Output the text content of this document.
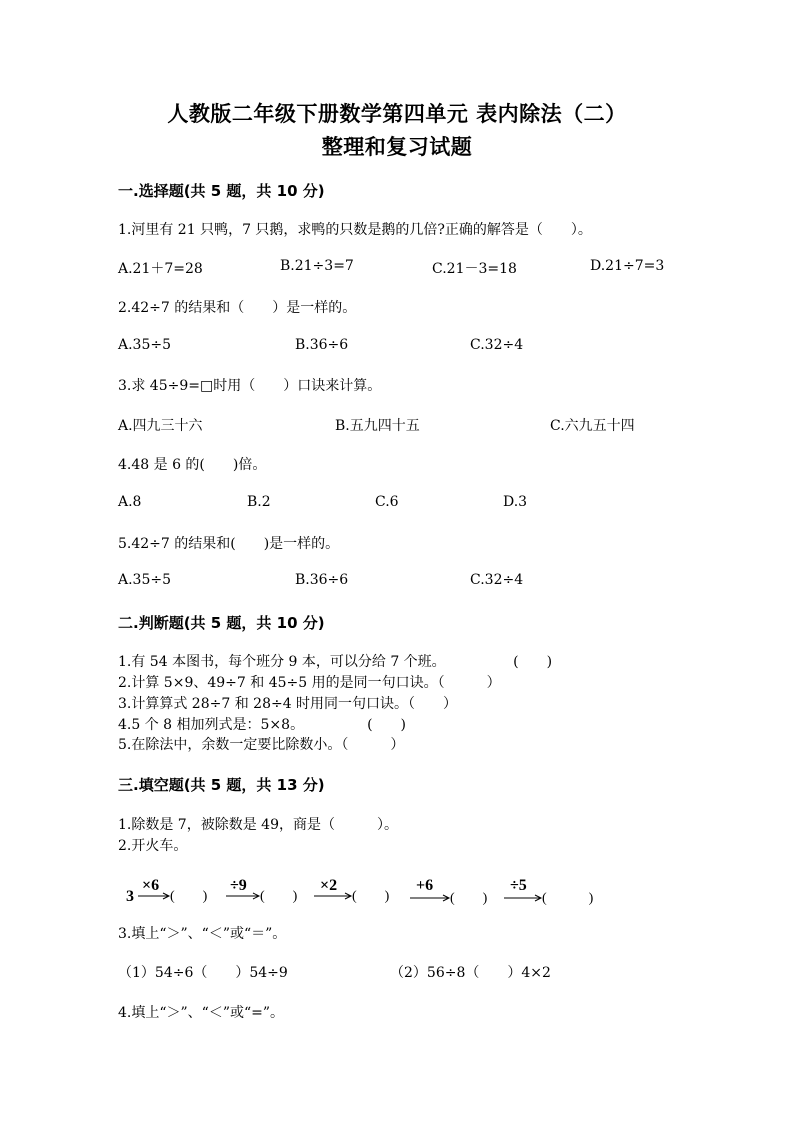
人教版二年级下册数学第四单元 表内除法（二）
整理和复习试题
一.选择题(共 5 题，共 10 分)
1.河里有 21 只鸭，7 只鹅，求鸭的只数是鹅的几倍?正确的解答是（　　）。
A.21＋7=28	B.21÷3=7	C.21－3=18	D.21÷7=3
2.42÷7 的结果和（　　）是一样的。
A.35÷5	B.36÷6	C.32÷4
3.求 45÷9=□时用（　　）口诀来计算。
A.四九三十六	B.五九四十五	C.六九五十四
4.48 是 6 的(　　)倍。
A.8	B.2	C.6	D.3
5.42÷7 的结果和(　　)是一样的。
A.35÷5	B.36÷6	C.32÷4
二.判断题(共 5 题，共 10 分)
1.有 54 本图书，每个班分 9 本，可以分给 7 个班。　　　　　 (　　)
2.计算 5×9、49÷7 和 45÷5 用的是同一句口诀。（　　　）
3.计算算式 28÷7 和 28÷4 时用同一句口诀。（　　）
4.5 个 8 相加列式是：5×8。　　　　　(　　)
5.在除法中，余数一定要比除数小。（　　　）
三.填空题(共 5 题，共 13 分)
1.除数是 7，被除数是 49，商是（　　　）。
2.开火车。
3
×6
(　　)
÷9
(　　)
×2
(　　)
+6
(　　)
÷5
(　　　)
3.填上“＞”、“＜”或“＝”。
（1）54÷6（　　）54÷9	（2）56÷8（　　）4×2
4.填上“＞”、“＜”或“=”。
